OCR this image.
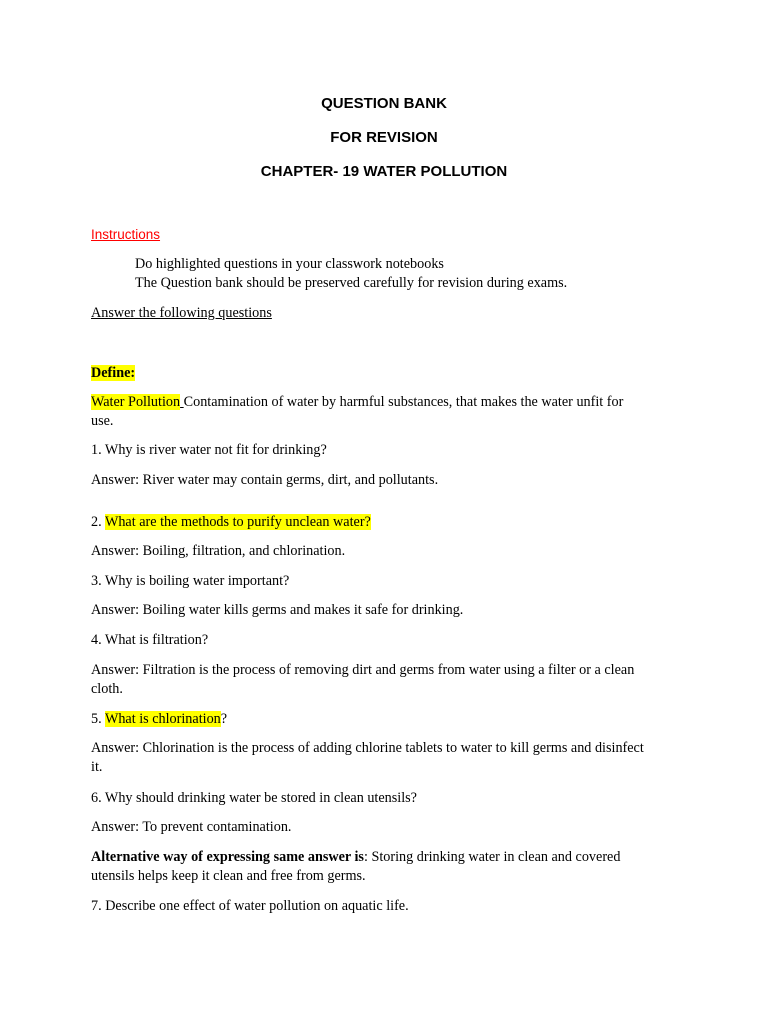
QUESTION BANK
FOR REVISION
CHAPTER- 19 WATER POLLUTION

Instructions

Do highlighted questions in your classwork notebooks

The Question bank should be preserved carefully for revision during exams.

Answer the following questions

Define:

Water Pollution Contamination of water by harmful substances, that makes the water unfit for

use.

1. Why is river water not fit for drinking?

Answer: River water may contain germs, dirt, and pollutants.

2. What are the methods to purify unclean water?

Answer: Boiling, filtration, and chlorination.

3. Why is boiling water important?

Answer: Boiling water kills germs and makes it safe for drinking.

4. What is filtration?

Answer: Filtration is the process of removing dirt and germs from water using a filter or a clean

cloth.

5. What is chlorination?

Answer: Chlorination is the process of adding chlorine tablets to water to kill germs and disinfect

it.

6. Why should drinking water be stored in clean utensils?

Answer: To prevent contamination.

Alternative way of expressing same answer is: Storing drinking water in clean and covered

utensils helps keep it clean and free from germs.

7. Describe one effect of water pollution on aquatic life.
